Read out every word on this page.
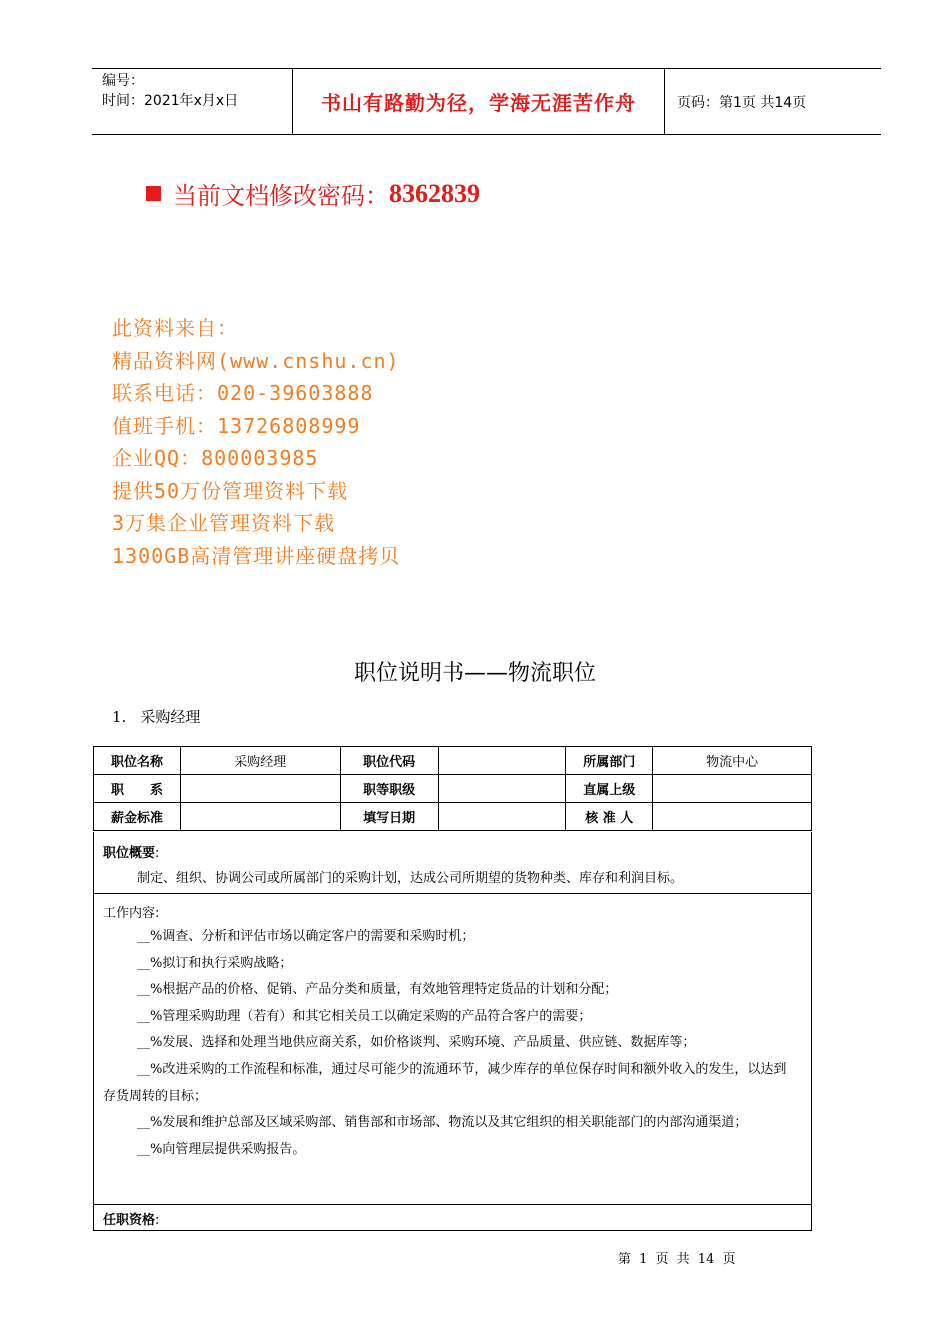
编号：
时间：2021年x月x日	书山有路勤为径，学海无涯苦作舟	页码：第1页 共14页
当前文档修改密码： 8362839
此资料来自：
精品资料网(www.cnshu.cn)
联系电话：020-39603888
值班手机：13726808999
企业QQ：800003985
提供50万份管理资料下载
3万集企业管理资料下载
1300GB高清管理讲座硬盘拷贝
职位说明书——物流职位
1. 采购经理
职位名称	采购经理	职位代码		所属部门	物流中心
职　　系		职等职级		直属上级	
薪金标准		填写日期		核 准 人	
职位概要:

制定、组织、协调公司或所属部门的采购计划，达成公司所期望的货物种类、库存和利润目标。

工作内容:

__%调查、分析和评估市场以确定客户的需要和采购时机；

__%拟订和执行采购战略；

__%根据产品的价格、促销、产品分类和质量，有效地管理特定货品的计划和分配；

__%管理采购助理（若有）和其它相关员工以确定采购的产品符合客户的需要；

__%发展、选择和处理当地供应商关系，如价格谈判、采购环境、产品质量、供应链、数据库等；

__%改进采购的工作流程和标准，通过尽可能少的流通环节，减少库存的单位保存时间和额外收入的发生，以达到存货周转的目标；

__%发展和维护总部及区域采购部、销售部和市场部、物流以及其它组织的相关职能部门的内部沟通渠道；

__%向管理层提供采购报告。

任职资格:
第 1 页 共 14 页
